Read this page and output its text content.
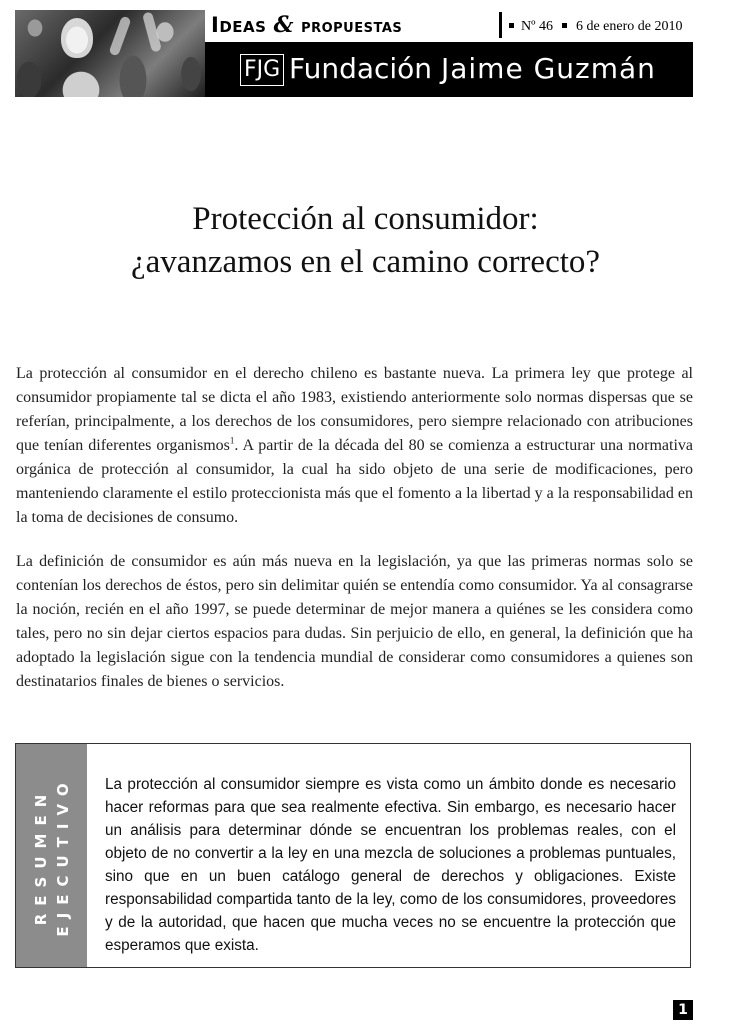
Ideas & propuestas	Nº 46 6 de enero de 2010
FJG Fundación Jaime Guzmán
Protección al consumidor:
¿avanzamos en el camino correcto?
La protección al consumidor en el derecho chileno es bastante nueva. La primera ley que protege al consumidor propiamente tal se dicta el año 1983, existiendo anteriormente solo normas dispersas que se referían, principalmente, a los derechos de los consumidores, pero siempre relacionado con atribuciones que tenían diferentes organismos$^1$. A partir de la década del 80 se comienza a estructurar una normativa orgánica de protección al consumidor, la cual ha sido objeto de una serie de modificaciones, pero manteniendo claramente el estilo proteccionista más que el fomento a la libertad y a la responsabilidad en la toma de decisiones de consumo.
La definición de consumidor es aún más nueva en la legislación, ya que las primeras normas solo se contenían los derechos de éstos, pero sin delimitar quién se entendía como consumidor. Ya al consagrarse la noción, recién en el año 1997, se puede determinar de mejor manera a quiénes se les considera como tales, pero no sin dejar ciertos espacios para dudas. Sin perjuicio de ello, en general, la definición que ha adoptado la legislación sigue con la tendencia mundial de considerar como consumidores a quienes son destinatarios finales de bienes o servicios.
RESUMEN EJECUTIVO La protección al consumidor siempre es vista como un ámbito donde es necesario hacer reformas para que sea realmente efectiva. Sin embargo, es necesario hacer un análisis para determinar dónde se encuentran los problemas reales, con el objeto de no convertir a la ley en una mezcla de soluciones a problemas puntuales, sino que en un buen catálogo general de derechos y obligaciones. Existe responsabilidad compartida tanto de la ley, como de los consumidores, proveedores y de la autoridad, que hacen que mucha veces no se encuentre la protección que esperamos que exista.
1
